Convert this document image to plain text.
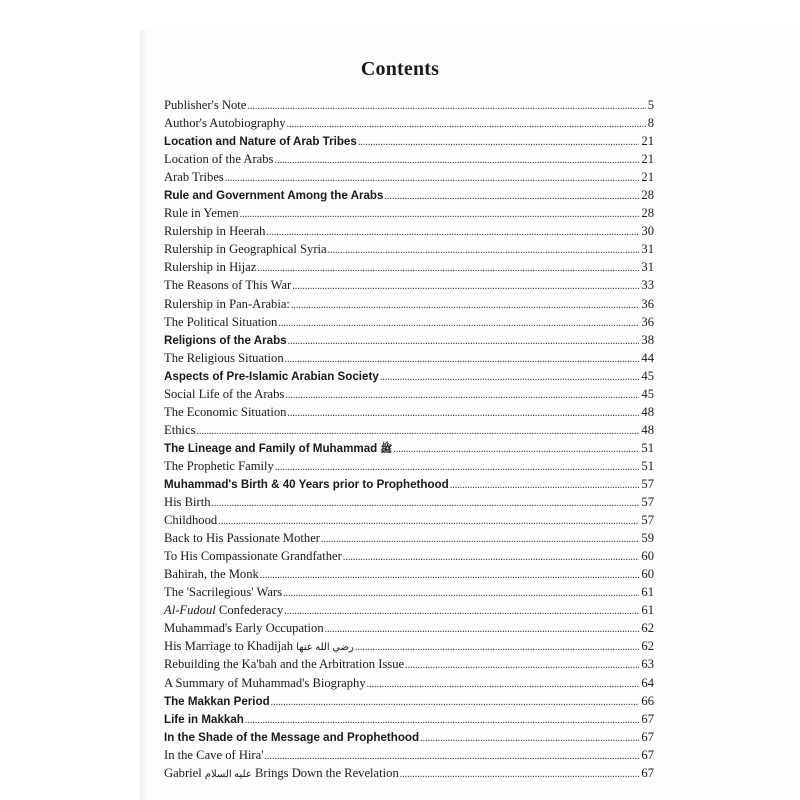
Contents
Publisher's Note .....	5
Author's Autobiography .....	8
Location and Nature of Arab Tribes .....	21
Location of the Arabs .....	21
Arab Tribes .....	21
Rule and Government Among the Arabs .....	28
Rule in Yemen .....	28
Rulership in Heerah .....	30
Rulership in Geographical Syria .....	31
Rulership in Hijaz .....	31
The Reasons of This War .....	33
Rulership in Pan-Arabia: .....	36
The Political Situation .....	36
Religions of the Arabs .....	38
The Religious Situation .....	44
Aspects of Pre-Islamic Arabian Society .....	45
Social Life of the Arabs .....	45
The Economic Situation .....	48
Ethics .....	48
The Lineage and Family of Muhammad ﷺ .....	51
The Prophetic Family .....	51
Muhammad's Birth & 40 Years prior to Prophethood .....	57
His Birth .....	57
Childhood .....	57
Back to His Passionate Mother .....	59
To His Compassionate Grandfather .....	60
Bahirah, the Monk .....	60
The 'Sacrilegious' Wars .....	61
Al-Fudoul Confederacy .....	61
Muhammad's Early Occupation .....	62
His Marriage to Khadijah رضي الله عنها .....	62
Rebuilding the Ka'bah and the Arbitration Issue .....	63
A Summary of Muhammad's Biography .....	64
The Makkan Period .....	66
Life in Makkah .....	67
In the Shade of the Message and Prophethood .....	67
In the Cave of Hira' .....	67
Gabriel عليه السلام Brings Down the Revelation .....	67
